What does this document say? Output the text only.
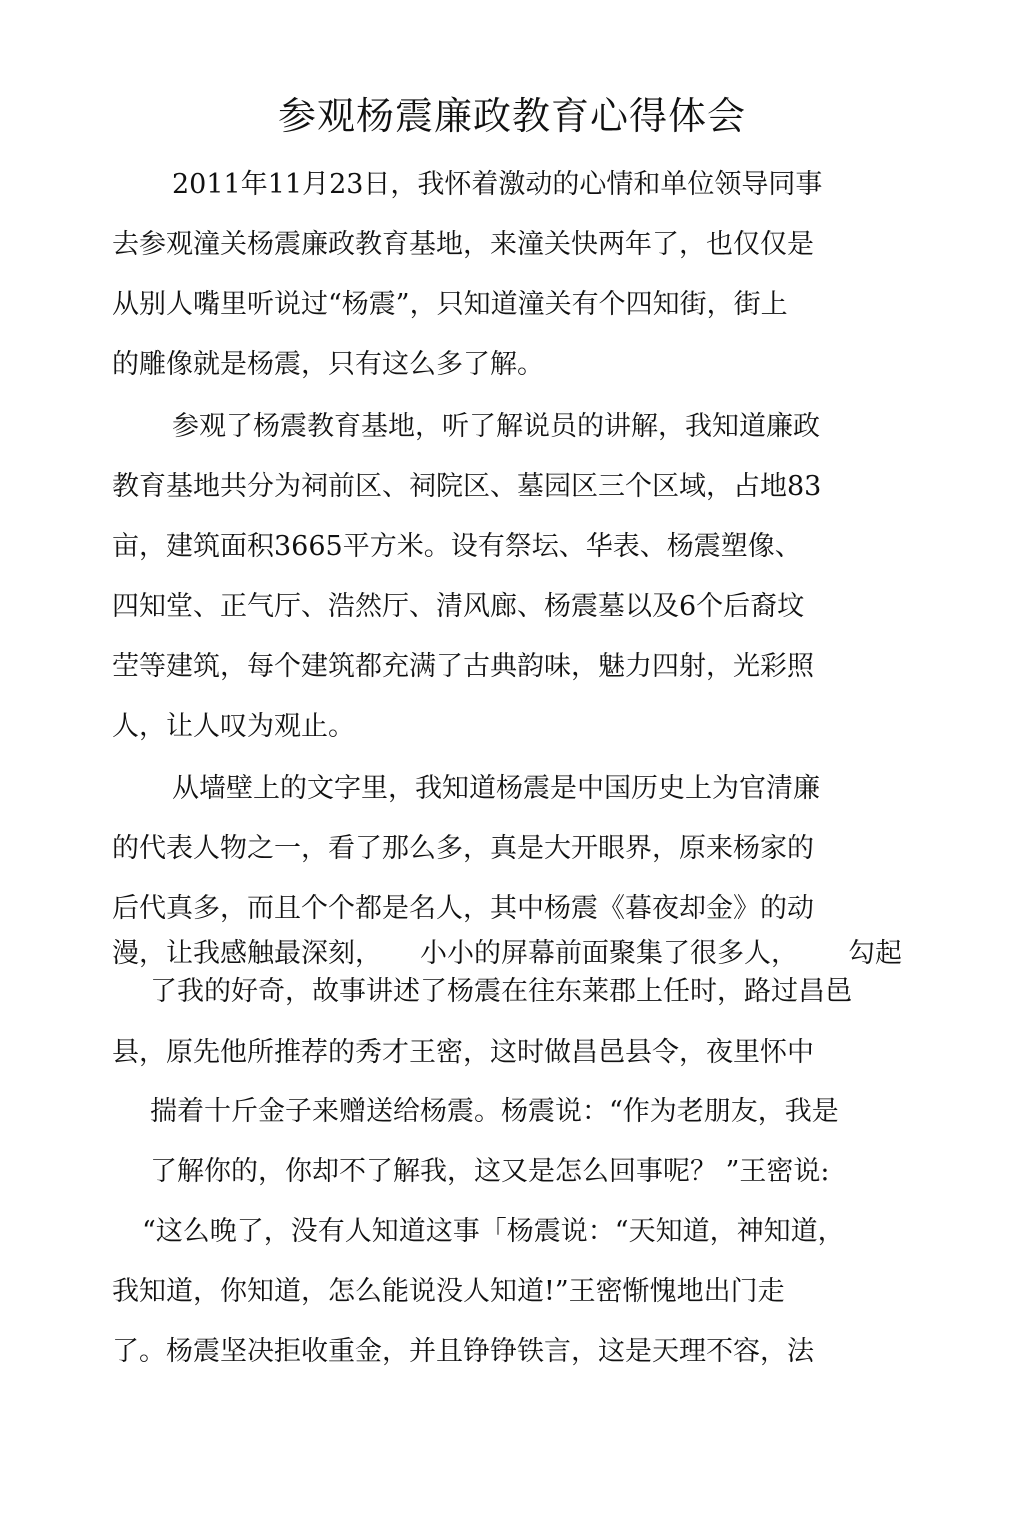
参观杨震廉政教育心得体会
2011年11月23日，我怀着激动的心情和单位领导同事
去参观潼关杨震廉政教育基地，来潼关快两年了，也仅仅是
从别人嘴里听说过“杨震”，只知道潼关有个四知街，街上
的雕像就是杨震，只有这么多了解。
参观了杨震教育基地，听了解说员的讲解，我知道廉政
教育基地共分为祠前区、祠院区、墓园区三个区域，占地83
亩，建筑面积3665平方米。设有祭坛、华表、杨震塑像、
四知堂、正气厅、浩然厅、清风廊、杨震墓以及6个后裔坟
茔等建筑，每个建筑都充满了古典韵味，魅力四射，光彩照
人，让人叹为观止。
从墙壁上的文字里，我知道杨震是中国历史上为官清廉
的代表人物之一，看了那么多，真是大开眼界，原来杨家的
后代真多，而且个个都是名人，其中杨震《暮夜却金》的动
漫，让我感触最深刻， 小小的屏幕前面聚集了很多人， 勾起
了我的好奇，故事讲述了杨震在往东莱郡上任时，路过昌邑
县，原先他所推荐的秀才王密，这时做昌邑县令，夜里怀中
揣着十斤金子来赠送给杨震。杨震说：“作为老朋友，我是
了解你的，你却不了解我，这又是怎么回事呢？ ”王密说:
“这么晚了，没有人知道这事「杨震说：“天知道，神知道，
我知道，你知道，怎么能说没人知道!”王密惭愧地出门走
了。杨震坚决拒收重金，并且铮铮铁言，这是天理不容，法
